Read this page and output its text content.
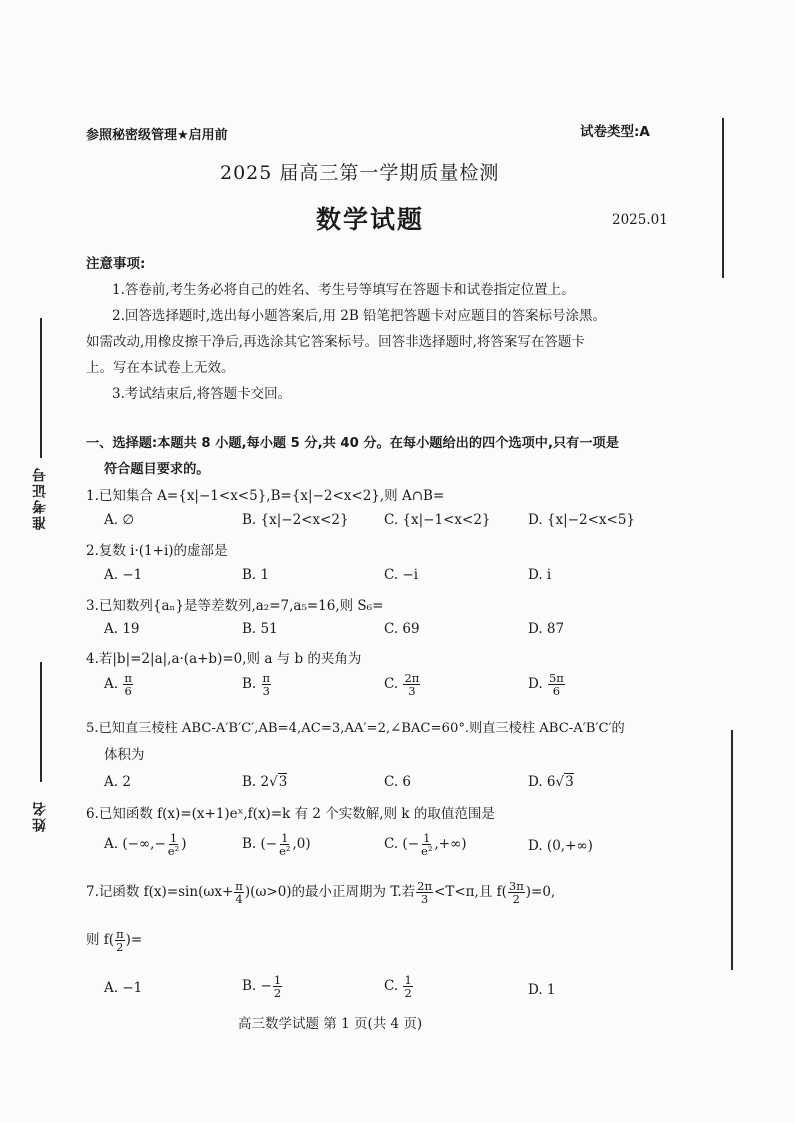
准考证号
姓名
参照秘密级管理★启用前	试卷类型:A
2025 届高三第一学期质量检测
数学试题	2025.01
注意事项:
1.答卷前,考生务必将自己的姓名、考生号等填写在答题卡和试卷指定位置上。
2.回答选择题时,选出每小题答案后,用 2B 铅笔把答题卡对应题目的答案标号涂黑。
如需改动,用橡皮擦干净后,再选涂其它答案标号。回答非选择题时,将答案写在答题卡
上。写在本试卷上无效。
3.考试结束后,将答题卡交回。
一、选择题:本题共 8 小题,每小题 5 分,共 40 分。在每小题给出的四个选项中,只有一项是
符合题目要求的。
1.已知集合 A={x|−1<x<5},B={x|−2<x<2},则 A∩B=
A. ∅	B. {x|−2<x<2}	C. {x|−1<x<2}	D. {x|−2<x<5}
2.复数 i·(1+i)的虚部是
A. −1	B. 1	C. −i	D. i
3.已知数列{aₙ}是等差数列,a₂=7,a₅=16,则 S₆=
A. 19	B. 51	C. 69	D. 87
4.若|b|=2|a|,a·(a+b)=0,则 a 与 b 的夹角为
A. $\frac{\pi}{6}$	B. $\frac{\pi}{3}$	C. $\frac{2\pi}{3}$	D. $\frac{5\pi}{6}$
5.已知直三棱柱 ABC-A′B′C′,AB=4,AC=3,AA′=2,∠BAC=60°.则直三棱柱 ABC-A′B′C′的
体积为
A. 2	B. 2√3	C. 6	D. 6√3
6.已知函数 f(x)=(x+1)eˣ,f(x)=k 有 2 个实数解,则 k 的取值范围是
A. (−∞,− $\frac{1}{\text{e²}}$ )	B. (− $\frac{1}{\text{e²}} ,0$)	C. (− $\frac{1}{\text{e²}}$ ,+∞)	D. (0,+∞)
7.记函数 $f(x)=\sin(\omega x+ \frac{\pi}{4} )(\omega>0)$的最小正周期为 T.若 $\frac{2\pi}{3} <T<\pi$,且 $f( \frac{3\pi}{2} )=0$,
则 $f( \frac{\pi}{2}$ )=
A. −1	B. − $\frac{1}{2}$	C. $\frac{1}{2}$	D. 1
高三数学试题 第 1 页(共 4 页)
